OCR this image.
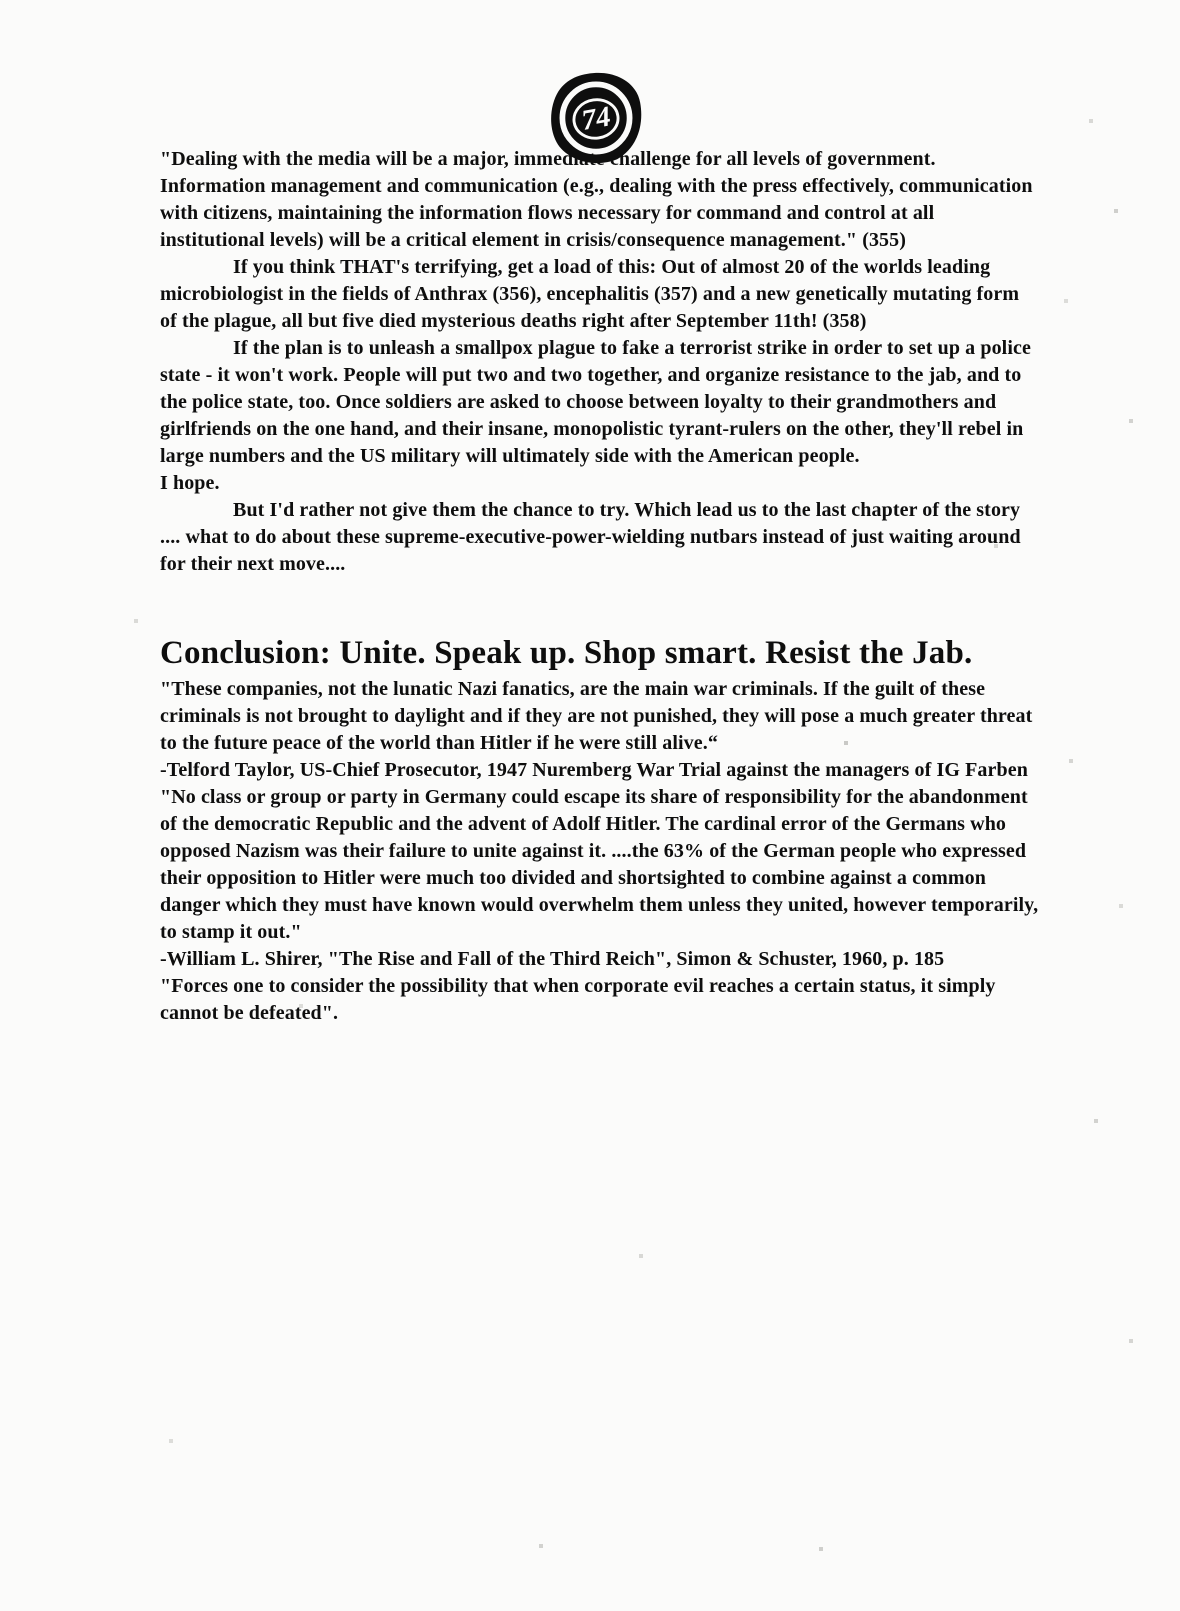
74

"Dealing with the media will be a major, immediate challenge for all levels of government. Information management and communication (e.g., dealing with the press effectively, communication with citizens, maintaining the information flows necessary for command and control at all institutional levels) will be a critical element in crisis/consequence management." (355)

If you think THAT's terrifying, get a load of this: Out of almost 20 of the worlds leading microbiologist in the fields of Anthrax (356), encephalitis (357) and a new genetically mutating form of the plague, all but five died mysterious deaths right after September 11th! (358)

If the plan is to unleash a smallpox plague to fake a terrorist strike in order to set up a police state - it won't work. People will put two and two together, and organize resistance to the jab, and to the police state, too. Once soldiers are asked to choose between loyalty to their grandmothers and girlfriends on the one hand, and their insane, monopolistic tyrant-rulers on the other, they'll rebel in large numbers and the US military will ultimately side with the American people.

I hope.

But I'd rather not give them the chance to try. Which lead us to the last chapter of the story .... what to do about these supreme-executive-power-wielding nutbars instead of just waiting around for their next move....

Conclusion: Unite. Speak up. Shop smart. Resist the Jab.

"These companies, not the lunatic Nazi fanatics, are the main war criminals. If the guilt of these criminals is not brought to daylight and if they are not punished, they will pose a much greater threat to the future peace of the world than Hitler if he were still alive.“

-Telford Taylor, US-Chief Prosecutor, 1947 Nuremberg War Trial against the managers of IG Farben

"No class or group or party in Germany could escape its share of responsibility for the abandonment of the democratic Republic and the advent of Adolf Hitler. The cardinal error of the Germans who opposed Nazism was their failure to unite against it. ....the 63% of the German people who expressed their opposition to Hitler were much too divided and shortsighted to combine against a common danger which they must have known would overwhelm them unless they united, however temporarily, to stamp it out."

-William L. Shirer, "The Rise and Fall of the Third Reich", Simon & Schuster, 1960, p. 185

"Forces one to consider the possibility that when corporate evil reaches a certain status, it simply cannot be defeated".
